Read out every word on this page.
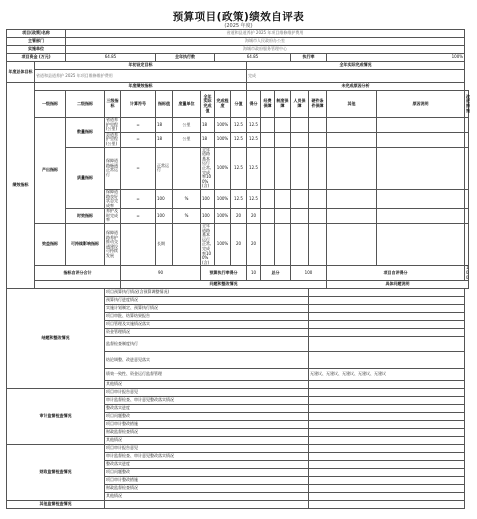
预算项目(政策)绩效自评表
(2025 年度)
项目(政策)名称		省道和县道养护 2025 年项目维修维护费用															
主管部门		海城市人民政府办公室															
实施单位		海城市政府服务管理中心															
项目资金 (万元)		64.85			全年执行数			64.85					执行率		100%		
年度总体目标	年初设定目标									全年实际完成情况							
	省道和县道养护 2025 年项目维修维护费用									完成							
绩效指标	年度绩效指标									未完成原因分析							
	一级指标	二级指标	三级指标	计算符号	指标值	度量单位	全年实际完成值	完成程度	分值	得分	经费保障	制度保障	人员保障	硬件条件保障	其他	原因说明	改进措施
	产出指标	数量指标	省道养护里程(公里)	=	18	公里	18	100%	12.5	12.5							
			县道养护里程(公里)	=	18	公里	18	100%	12.5	12.5							
		质量指标	保障道路畅通正常运行	=	正常运行		全年道路基本运行正常,完成率100%(含)	100%	12.5	12.5							
			保障道路良好状态完成率	=	100	%	100	100%	12.5	12.5							
		时效指标	养护及时完成率	=	100	%	100	100%	20	20							
	效益指标	可持续影响指标	保障道路养护推动交通建设可持续发展		长期		全年道路基本运行正常,完成率100%(含)	100%	20	20							
	指标自评分合计			90			预算执行率得分			10	总分		100		项目自评得分		100
				问题和整改情况											具体问题说明		
结题和整改情况			项目预算执行情况(含预算调整情况)														
			预算执行进度情况														
			实施计划制定、预算执行情况														
			项目审批、结算结果报告														
			项目管理及实施情况落实														
			资金管理情况														
			监督检查制度执行														
			结论调整、改进意见落实														
			绩效一致性、资金运行监督管理											无建议、无建议、无建议、无建议、无建议			
			其他情况														
审计监督检查情况			项目审计报告意见														
			审计监督检查、审计意见整改落实情况														
			整改落实进度														
			项目问题整改														
			项目审计整改措施														
			财政监督检查情况														
			其他情况														
财政监督检查情况			项目审计报告意见														
			审计监督检查、审计意见整改落实情况														
			整改落实进度														
			项目问题整改														
			项目审计整改措施														
			财政监督检查情况														
			其他情况														
其他监督检查情况																	
